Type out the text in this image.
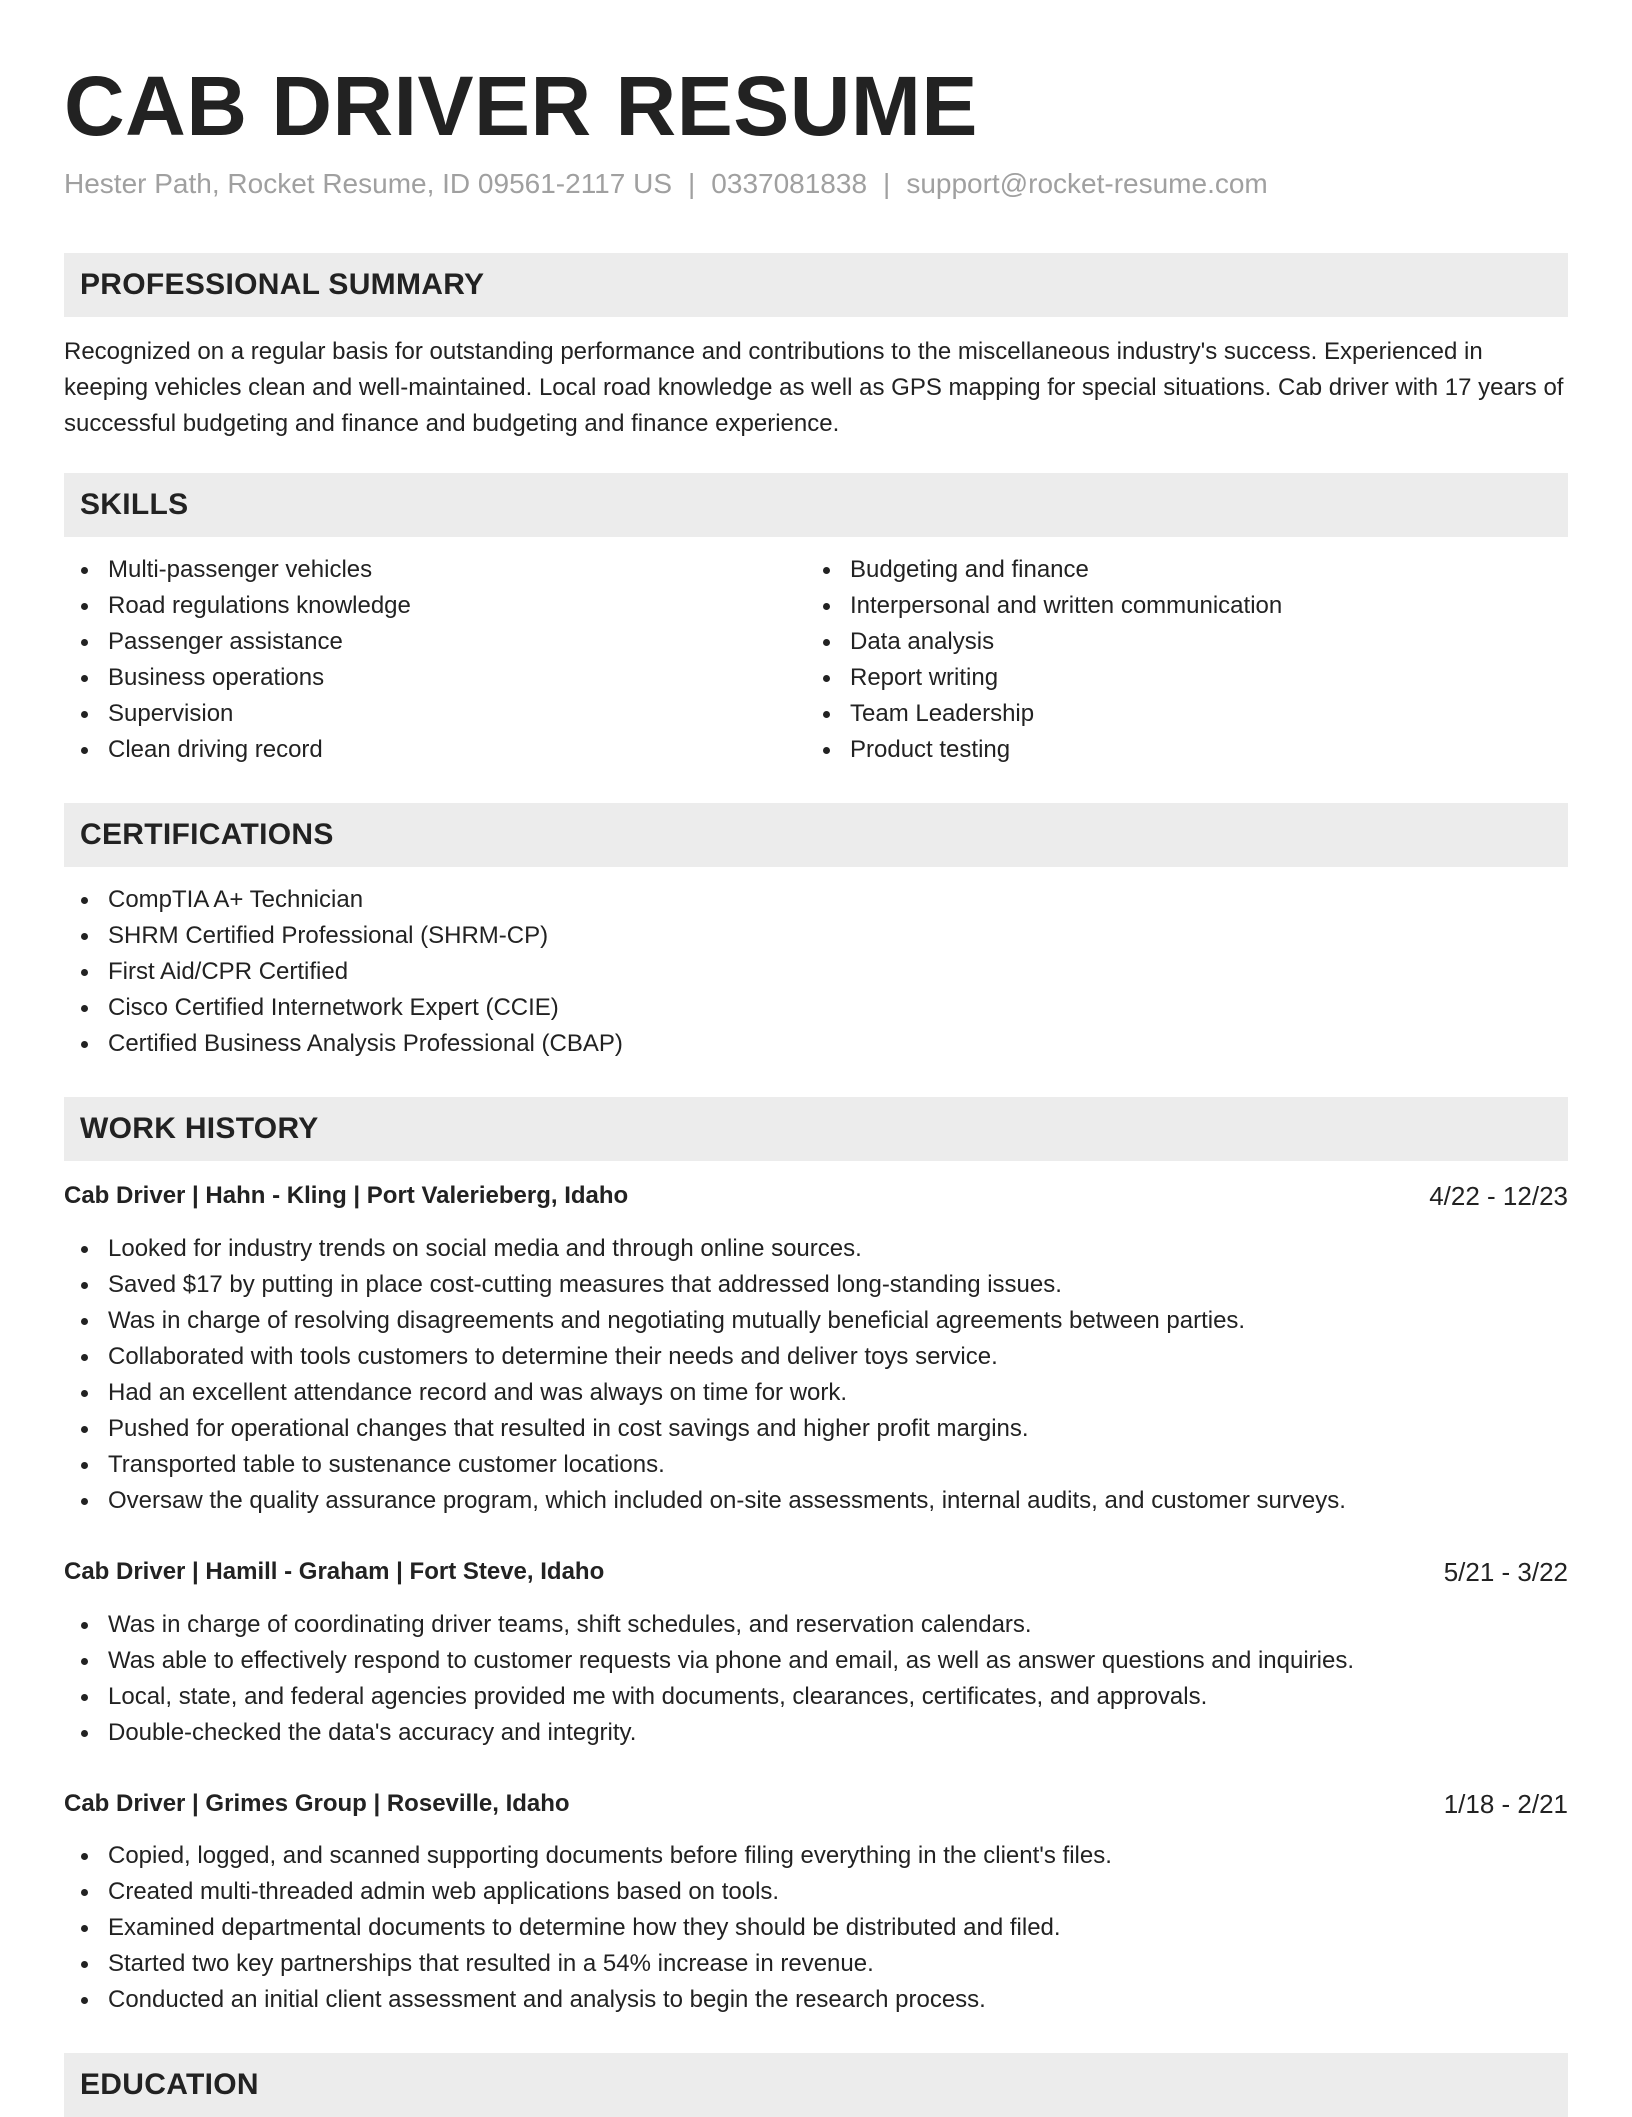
CAB DRIVER RESUME
Hester Path, Rocket Resume, ID 09561-2117 US | 0337081838 | support@rocket-resume.com
PROFESSIONAL SUMMARY

Recognized on a regular basis for outstanding performance and contributions to the miscellaneous industry's success. Experienced in keeping vehicles clean and well-maintained. Local road knowledge as well as GPS mapping for special situations. Cab driver with 17 years of successful budgeting and finance and budgeting and finance experience.

SKILLS
Multi-passenger vehicles
Road regulations knowledge
Passenger assistance
Business operations
Supervision
Clean driving record
Budgeting and finance
Interpersonal and written communication
Data analysis
Report writing
Team Leadership
Product testing
CERTIFICATIONS
CompTIA A+ Technician
SHRM Certified Professional (SHRM-CP)
First Aid/CPR Certified
Cisco Certified Internetwork Expert (CCIE)
Certified Business Analysis Professional (CBAP)
WORK HISTORY
Cab Driver | Hahn - Kling | Port Valerieberg, Idaho	4/22 - 12/23
Looked for industry trends on social media and through online sources.
Saved $17 by putting in place cost-cutting measures that addressed long-standing issues.
Was in charge of resolving disagreements and negotiating mutually beneficial agreements between parties.
Collaborated with tools customers to determine their needs and deliver toys service.
Had an excellent attendance record and was always on time for work.
Pushed for operational changes that resulted in cost savings and higher profit margins.
Transported table to sustenance customer locations.
Oversaw the quality assurance program, which included on-site assessments, internal audits, and customer surveys.
Cab Driver | Hamill - Graham | Fort Steve, Idaho	5/21 - 3/22
Was in charge of coordinating driver teams, shift schedules, and reservation calendars.
Was able to effectively respond to customer requests via phone and email, as well as answer questions and inquiries.
Local, state, and federal agencies provided me with documents, clearances, certificates, and approvals.
Double-checked the data's accuracy and integrity.
Cab Driver | Grimes Group | Roseville, Idaho	1/18 - 2/21
Copied, logged, and scanned supporting documents before filing everything in the client's files.
Created multi-threaded admin web applications based on tools.
Examined departmental documents to determine how they should be distributed and filed.
Started two key partnerships that resulted in a 54% increase in revenue.
Conducted an initial client assessment and analysis to begin the research process.
EDUCATION
